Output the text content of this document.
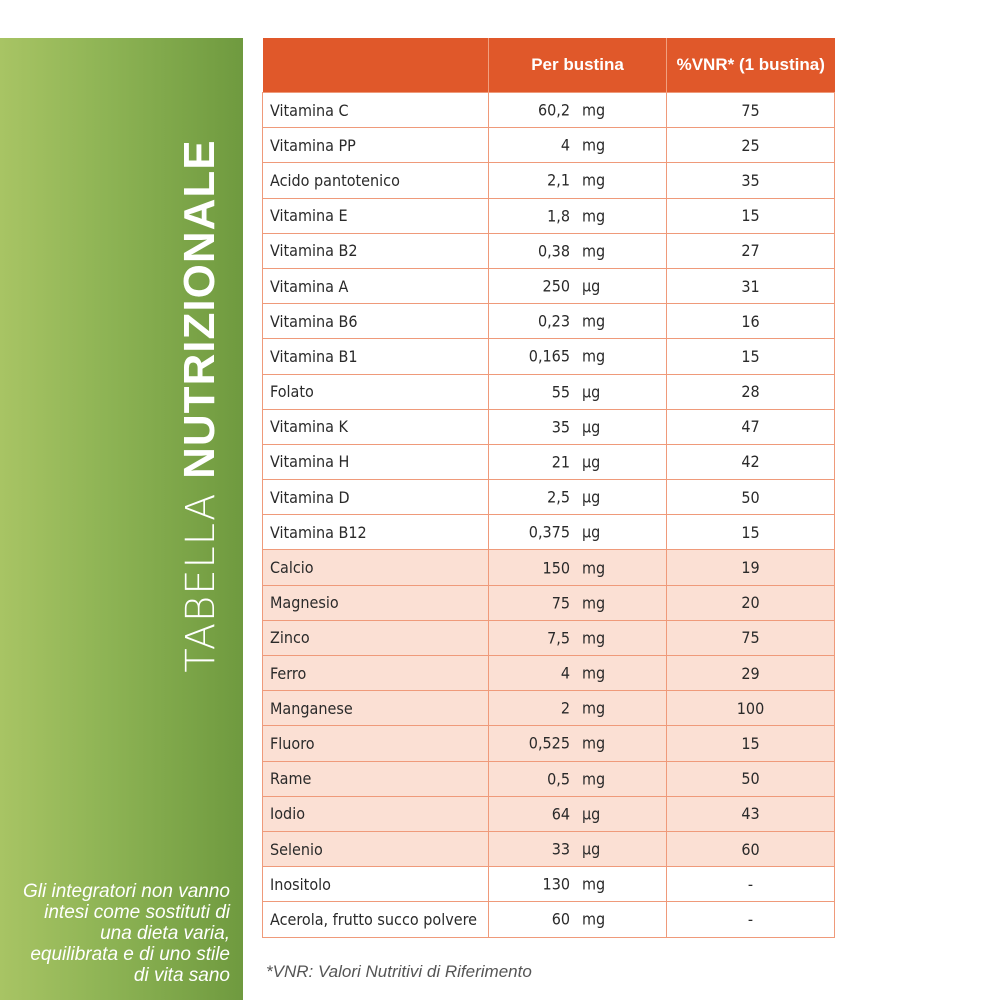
TABELLA NUTRIZIONALE
Gli integratori non vanno intesi come sostituti di una dieta varia, equilibrata e di uno stile di vita sano
	Per bustina	%VNR* (1 bustina)
Vitamina C	60,2 mg	75
Vitamina PP	4 mg	25
Acido pantotenico	2,1 mg	35
Vitamina E	1,8 mg	15
Vitamina B2	0,38 mg	27
Vitamina A	250 µg	31
Vitamina B6	0,23 mg	16
Vitamina B1	0,165 mg	15
Folato	55 µg	28
Vitamina K	35 µg	47
Vitamina H	21 µg	42
Vitamina D	2,5 µg	50
Vitamina B12	0,375 µg	15
Calcio	150 mg	19
Magnesio	75 mg	20
Zinco	7,5 mg	75
Ferro	4 mg	29
Manganese	2 mg	100
Fluoro	0,525 mg	15
Rame	0,5 mg	50
Iodio	64 µg	43
Selenio	33 µg	60
Inositolo	130 mg	-
Acerola, frutto succo polvere	60 mg	-
*VNR: Valori Nutritivi di Riferimento
